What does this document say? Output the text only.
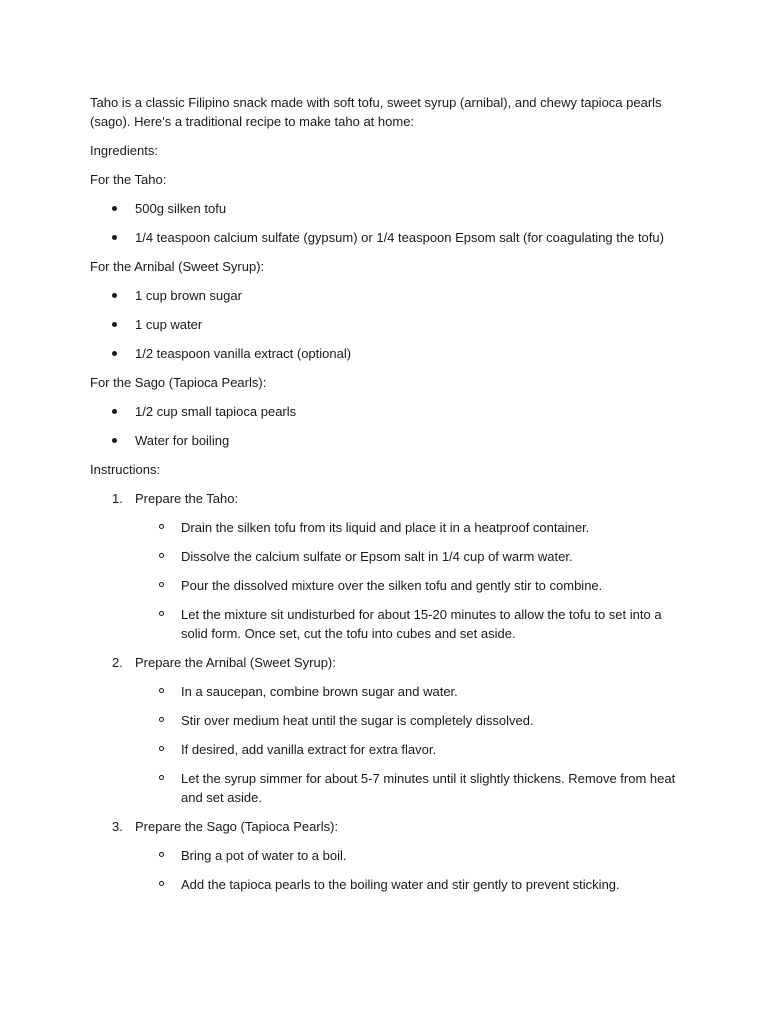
Taho is a classic Filipino snack made with soft tofu, sweet syrup (arnibal), and chewy tapioca pearls (sago). Here's a traditional recipe to make taho at home:

Ingredients:

For the Taho:

500g silken tofu
1/4 teaspoon calcium sulfate (gypsum) or 1/4 teaspoon Epsom salt (for coagulating the tofu)

For the Arnibal (Sweet Syrup):

1 cup brown sugar
1 cup water
1/2 teaspoon vanilla extract (optional)

For the Sago (Tapioca Pearls):

1/2 cup small tapioca pearls
Water for boiling

Instructions:

1. Prepare the Taho:
Drain the silken tofu from its liquid and place it in a heatproof container.
Dissolve the calcium sulfate or Epsom salt in 1/4 cup of warm water.
Pour the dissolved mixture over the silken tofu and gently stir to combine.
Let the mixture sit undisturbed for about 15-20 minutes to allow the tofu to set into a solid form. Once set, cut the tofu into cubes and set aside.
2. Prepare the Arnibal (Sweet Syrup):
In a saucepan, combine brown sugar and water.
Stir over medium heat until the sugar is completely dissolved.
If desired, add vanilla extract for extra flavor.
Let the syrup simmer for about 5-7 minutes until it slightly thickens. Remove from heat and set aside.
3. Prepare the Sago (Tapioca Pearls):
Bring a pot of water to a boil.
Add the tapioca pearls to the boiling water and stir gently to prevent sticking.
